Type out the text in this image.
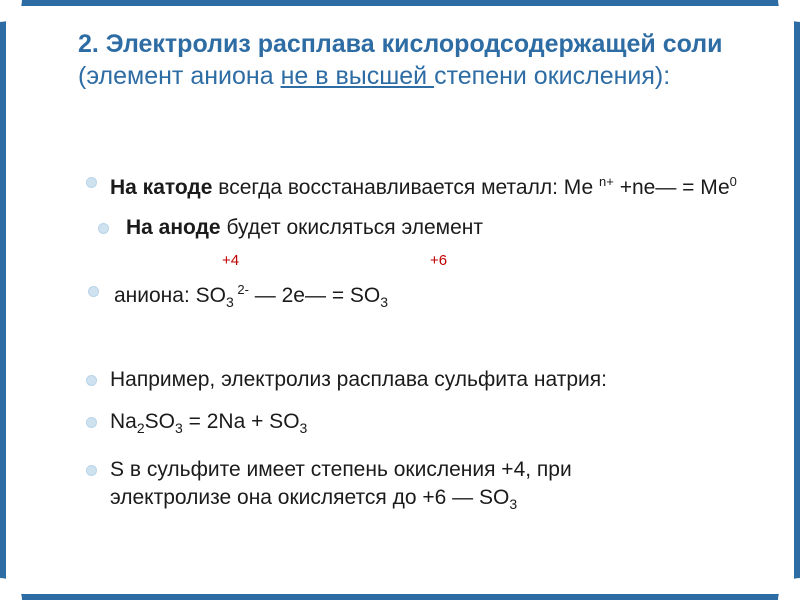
2. Электролиз расплава кислородсодержащей соли (элемент аниона не в высшей степени окисления):
На катоде всегда восстанавливается металл: Ме $^{n+}$ +ne— = $Ме^0$
На аноде будет окисляться элемент
+4	+6
аниона: $SO_3$ $^{2-}$ — 2e— = $SO_3$
Например, электролиз расплава сульфита натрия:
$Na_2SO_3 = 2Na + SO_3$
S в сульфите имеет степень окисления +4, при
электролизе она окисляется до +6 — $SO_3$
